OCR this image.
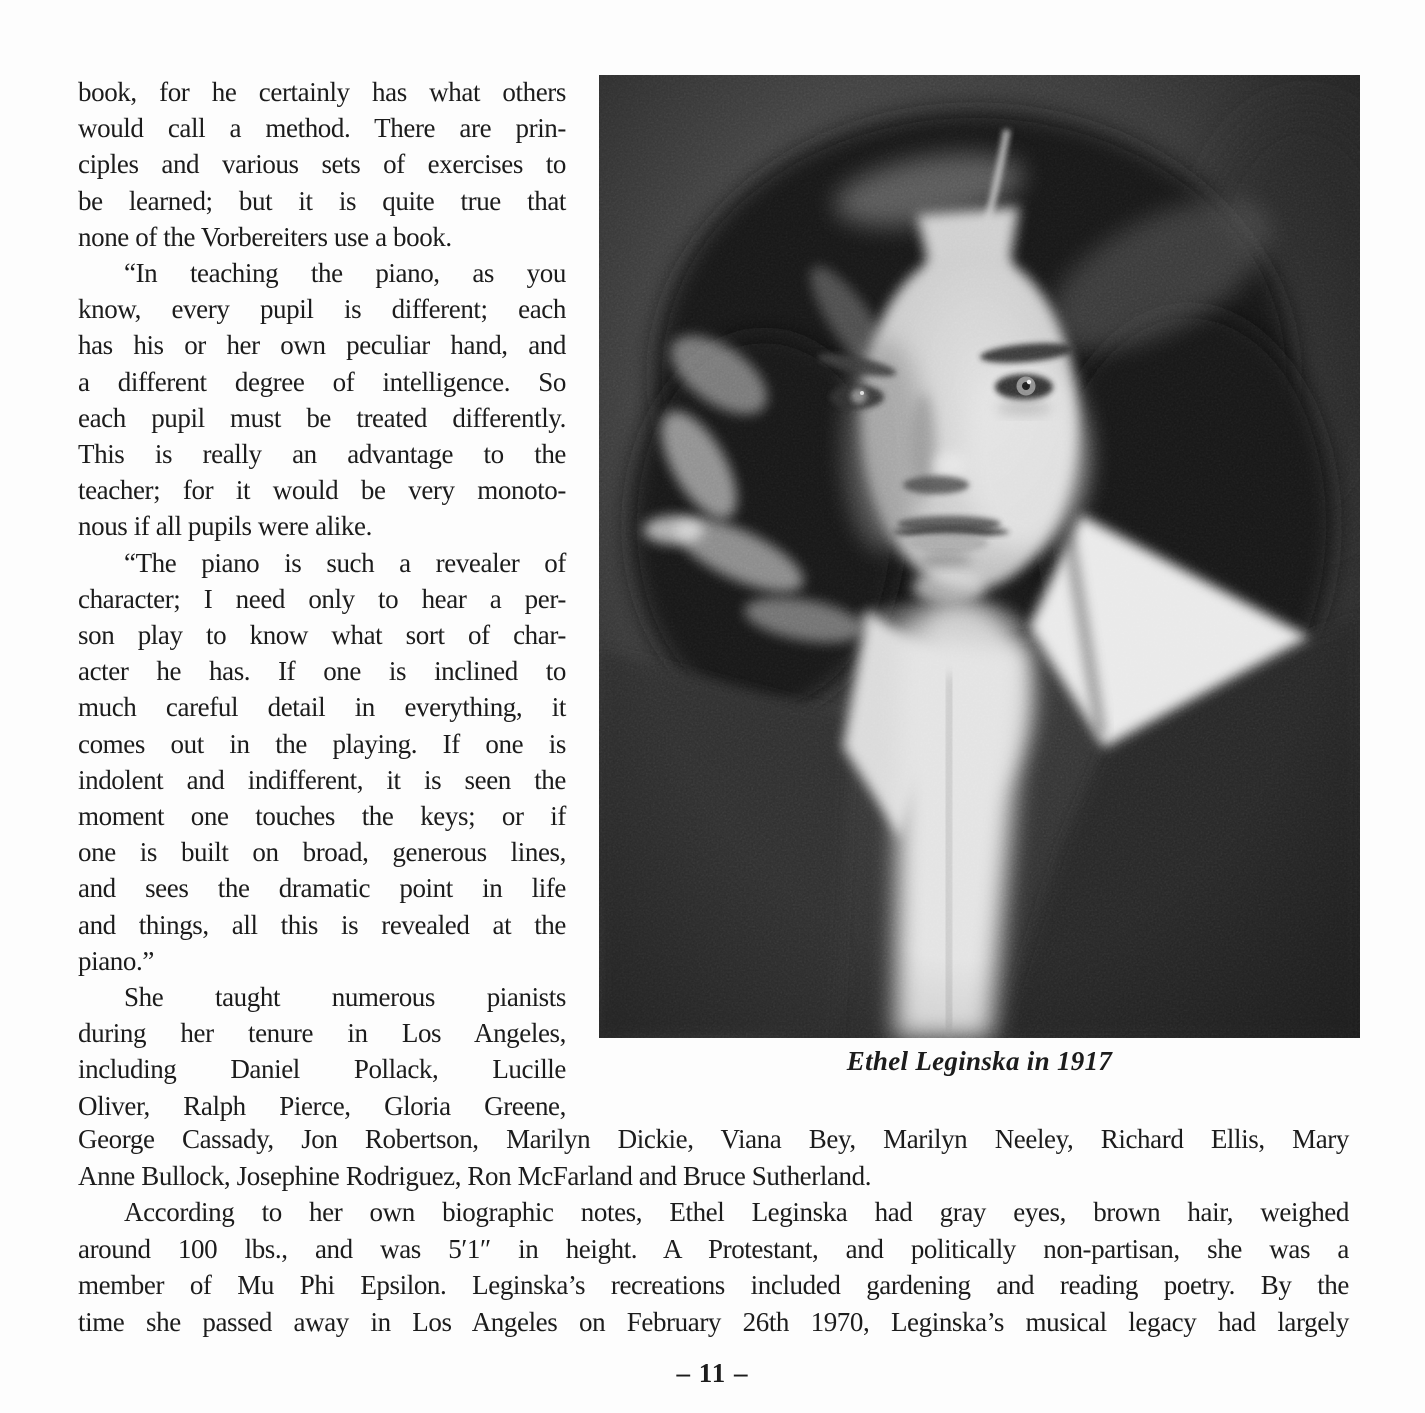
book, for he certainly has what others
would call a method. There are prin-
ciples and various sets of exercises to
be learned; but it is quite true that
none of the Vorbereiters use a book.
“In teaching the piano, as you
know, every pupil is different; each
has his or her own peculiar hand, and
a different degree of intelligence. So
each pupil must be treated differently.
This is really an advantage to the
teacher; for it would be very monoto-
nous if all pupils were alike.
“The piano is such a revealer of
character; I need only to hear a per-
son play to know what sort of char-
acter he has. If one is inclined to
much careful detail in everything, it
comes out in the playing. If one is
indolent and indifferent, it is seen the
moment one touches the keys; or if
one is built on broad, generous lines,
and sees the dramatic point in life
and things, all this is revealed at the
piano.”
She taught numerous pianists
during her tenure in Los Angeles,
including Daniel Pollack, Lucille
Oliver, Ralph Pierce, Gloria Greene,
Ethel Leginska in 1917
George Cassady, Jon Robertson, Marilyn Dickie, Viana Bey, Marilyn Neeley, Richard Ellis, Mary
Anne Bullock, Josephine Rodriguez, Ron McFarland and Bruce Sutherland.
According to her own biographic notes, Ethel Leginska had gray eyes, brown hair, weighed
around 100 lbs., and was 5′1″ in height. A Protestant, and politically non-partisan, she was a
member of Mu Phi Epsilon. Leginska’s recreations included gardening and reading poetry. By the
time she passed away in Los Angeles on February 26th 1970, Leginska’s musical legacy had largely
– 11 –
